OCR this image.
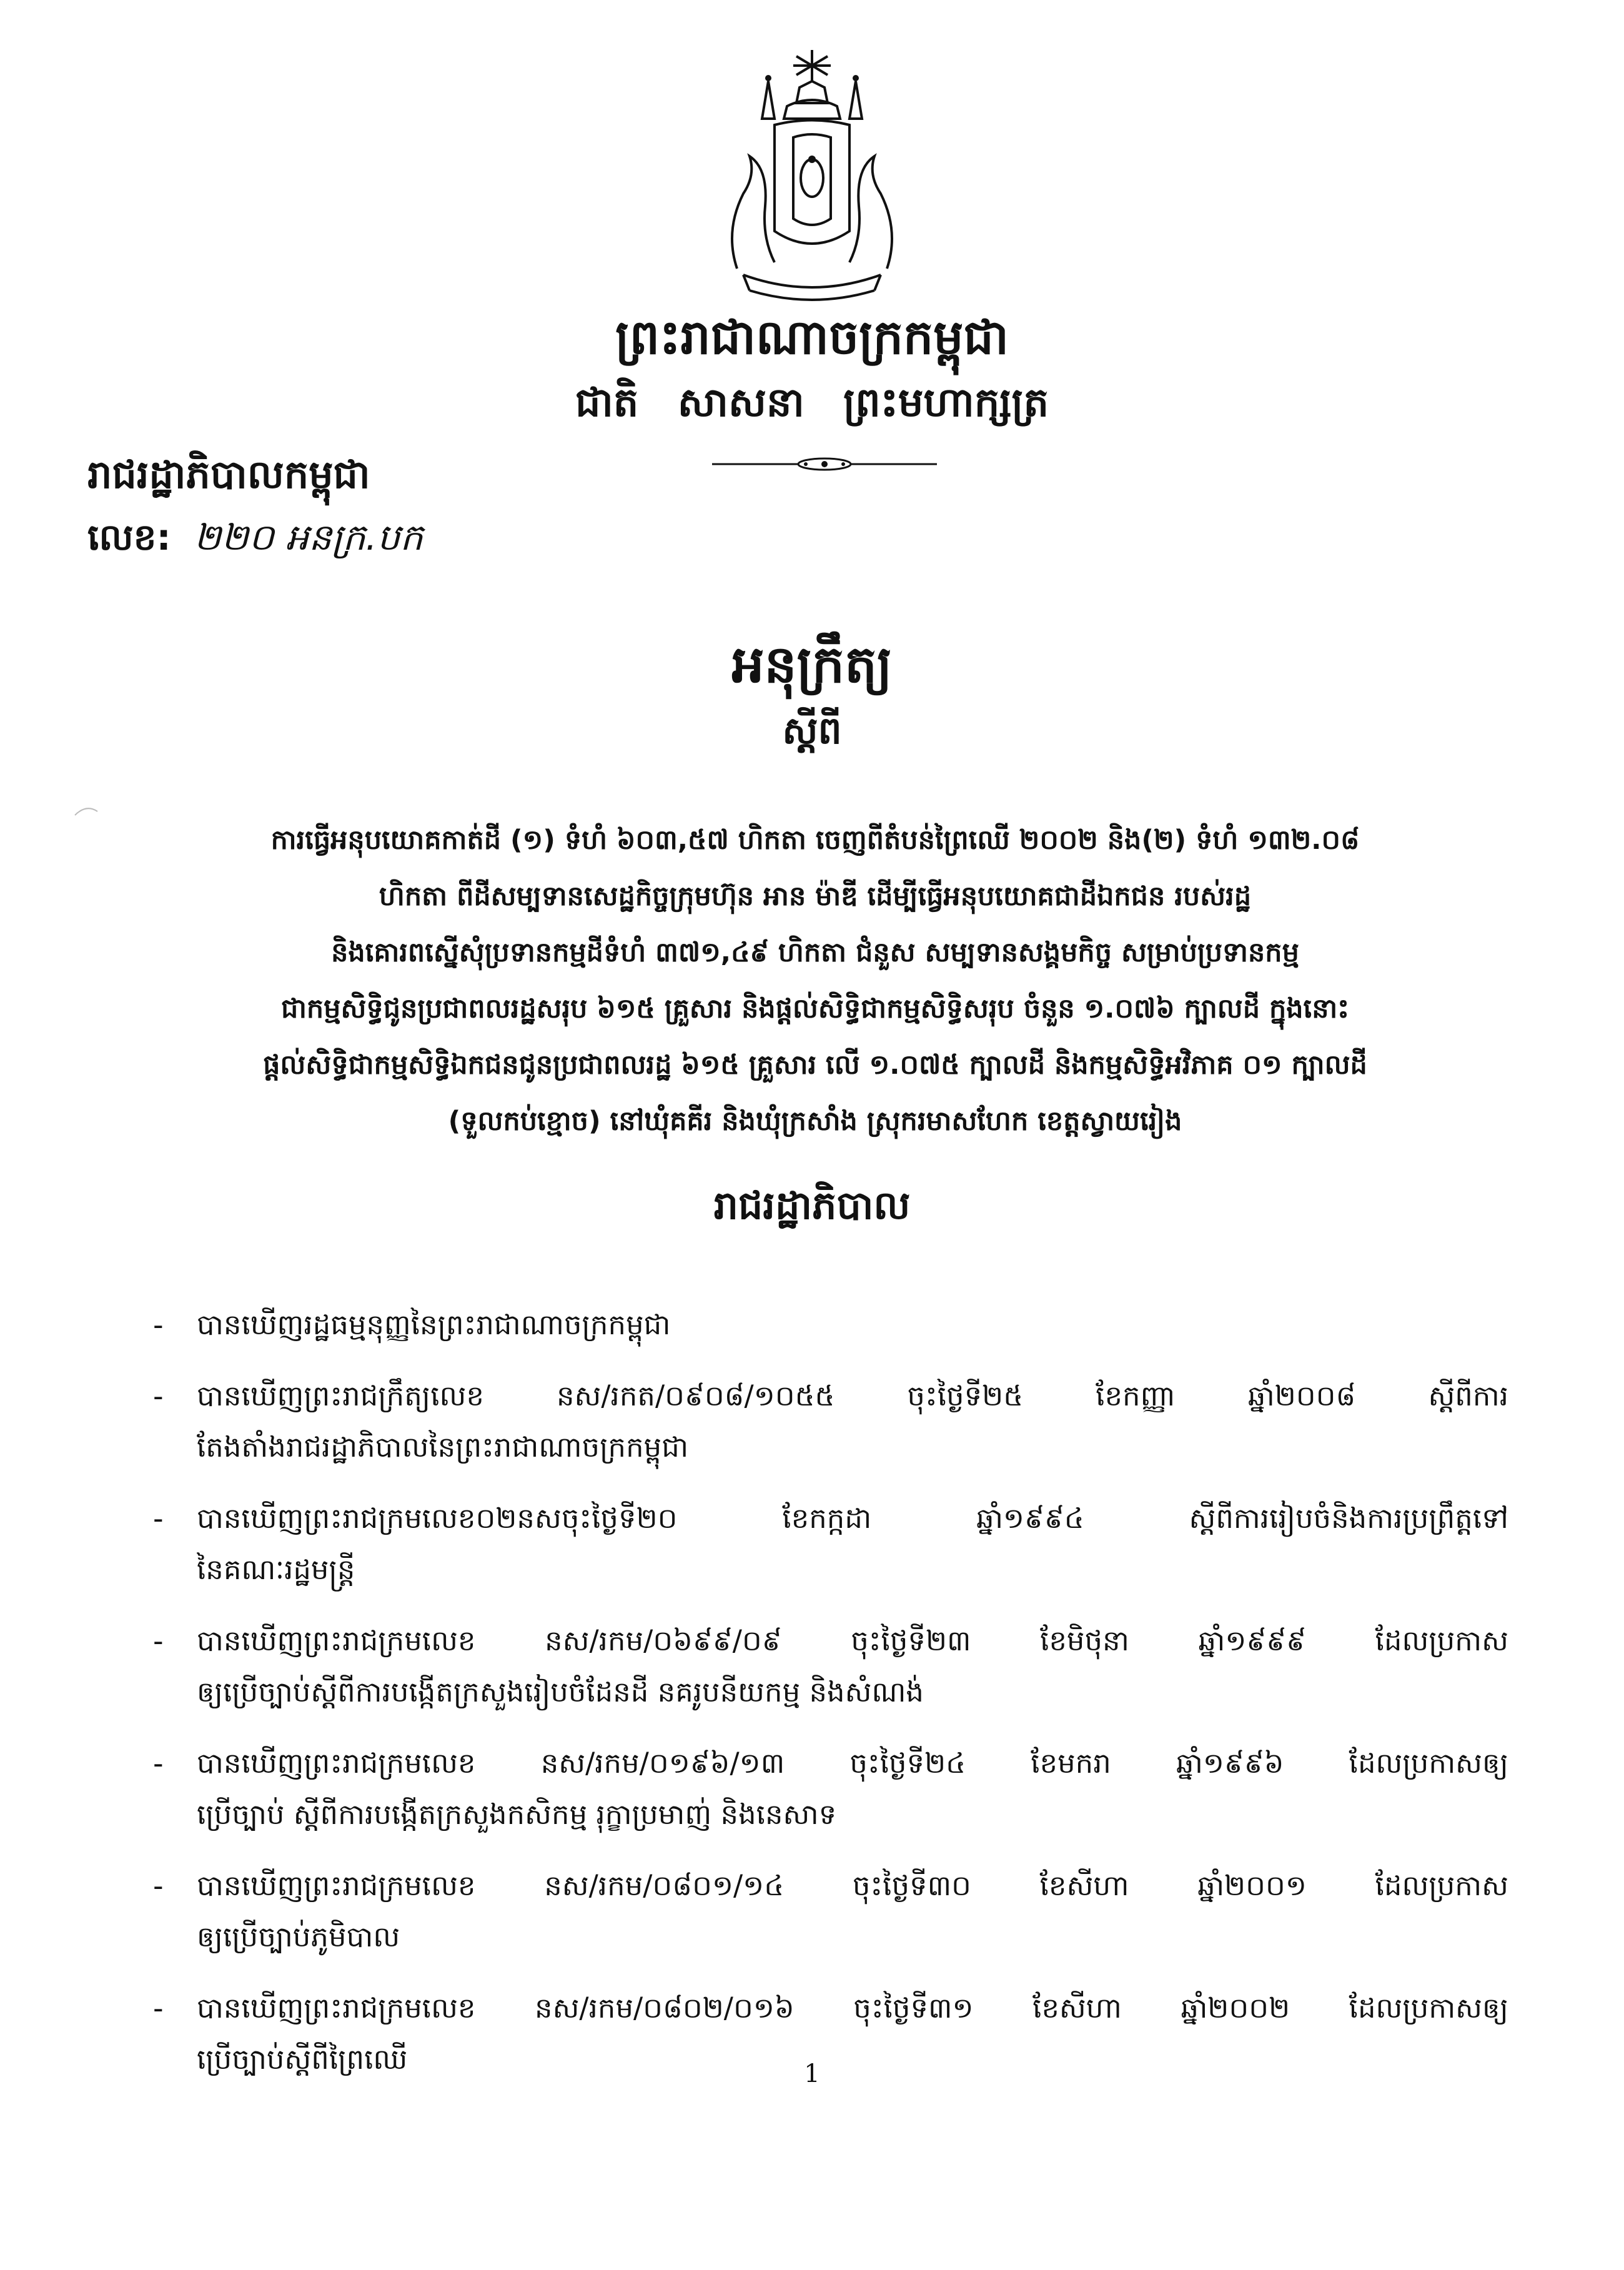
ព្រះរាជាណាចក្រកម្ពុជា
ជាតិ សាសនា ព្រះមហាក្សត្រ
រាជរដ្ឋាភិបាលកម្ពុជា
លេខ: ២២០ អនក្រ.បក
អនុក្រឹត្យ
ស្តីពី
ការធ្វើអនុបយោគកាត់ដី (១) ទំហំ ៦០៣,៥៧ ហិកតា ចេញពីតំបន់ព្រៃឈើ ២០០២ និង(២) ទំហំ ១៣២.០៨
ហិកតា ពីដីសម្បទានសេដ្ឋកិច្ចក្រុមហ៊ុន អាន ម៉ាឌី ដើម្បីធ្វើអនុបយោគជាដីឯកជន របស់រដ្ឋ
និងគោរពស្នើសុំប្រទានកម្មដីទំហំ ៣៧១,៤៩ ហិកតា ជំនួស សម្បទានសង្គមកិច្ច សម្រាប់ប្រទានកម្ម
ជាកម្មសិទ្ធិជូនប្រជាពលរដ្ឋសរុប ៦១៥ គ្រួសារ និងផ្តល់សិទ្ធិជាកម្មសិទ្ធិសរុប ចំនួន ១.០៧៦ ក្បាលដី ក្នុងនោះ
ផ្តល់សិទ្ធិជាកម្មសិទ្ធិឯកជនជូនប្រជាពលរដ្ឋ ៦១៥ គ្រួសារ លើ ១.០៧៥ ក្បាលដី និងកម្មសិទ្ធិអវិភាគ ០១ ក្បាលដី
(ទួលកប់ខ្មោច) នៅឃុំគគីរ និងឃុំក្រសាំង ស្រុករមាសហែក ខេត្តស្វាយរៀង
រាជរដ្ឋាភិបាល
- បានឃើញរដ្ឋធម្មនុញ្ញនៃព្រះរាជាណាចក្រកម្ពុជា
- បានឃើញព្រះរាជក្រឹត្យលេខ នស/រកត/០៩០៨/១០៥៥ ចុះថ្ងៃទី២៥ ខែកញ្ញា ឆ្នាំ២០០៨ ស្តីពីការ
តែងតាំងរាជរដ្ឋាភិបាលនៃព្រះរាជាណាចក្រកម្ពុជា
- បានឃើញព្រះរាជក្រមលេខ០២នសចុះថ្ងៃទី២០ ខែកក្កដា ឆ្នាំ១៩៩៤ ស្តីពីការរៀបចំនិងការប្រព្រឹត្តទៅ
នៃគណៈរដ្ឋមន្ត្រី
- បានឃើញព្រះរាជក្រមលេខ នស/រកម/០៦៩៩/០៩ ចុះថ្ងៃទី២៣ ខែមិថុនា ឆ្នាំ១៩៩៩ ដែលប្រកាស
ឲ្យប្រើច្បាប់ស្តីពីការបង្កើតក្រសួងរៀបចំដែនដី នគរូបនីយកម្ម និងសំណង់
- បានឃើញព្រះរាជក្រមលេខ នស/រកម/០១៩៦/១៣ ចុះថ្ងៃទី២៤ ខែមករា ឆ្នាំ១៩៩៦ ដែលប្រកាសឲ្យ
ប្រើច្បាប់ ស្តីពីការបង្កើតក្រសួងកសិកម្ម រុក្ខាប្រមាញ់ និងនេសាទ
- បានឃើញព្រះរាជក្រមលេខ នស/រកម/០៨០១/១៤ ចុះថ្ងៃទី៣០ ខែសីហា ឆ្នាំ២០០១ ដែលប្រកាស
ឲ្យប្រើច្បាប់ភូមិបាល
- បានឃើញព្រះរាជក្រមលេខ នស/រកម/០៨០២/០១៦ ចុះថ្ងៃទី៣១ ខែសីហា ឆ្នាំ២០០២ ដែលប្រកាសឲ្យ
ប្រើច្បាប់ស្តីពីព្រៃឈើ	1
